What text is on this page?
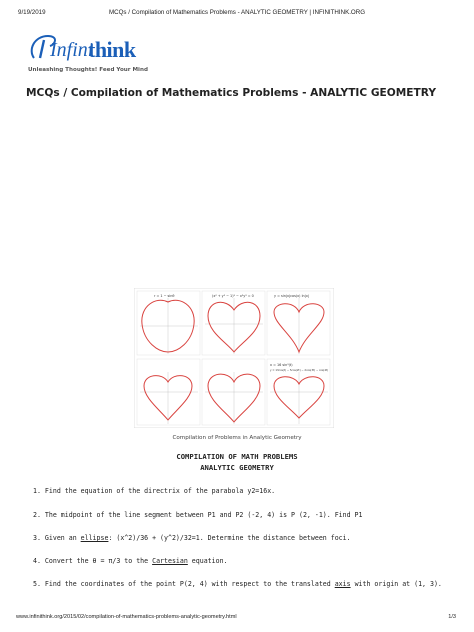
9/19/2019	MCQs / Compilation of Mathematics Problems - ANALYTIC GEOMETRY | INFINITHINK.ORG
Infini
think
Unleashing Thoughts! Feed Your Mind
MCQs / Compilation of Mathematics Problems - ANALYTIC GEOMETRY
r = 1 − sinθ	(x² + y² − 1)³ − x²y³ = 0	y = sin|x|cos(x) ln|x|
x = 16 sin³(t)
y = 13cos(t) − 5cos(2t) − 2cos(3t) − cos(4t)
Compilation of Problems in Analytic Geometry
COMPILATION OF MATH PROBLEMS
ANALYTIC GEOMETRY
1. Find the equation of the directrix of the parabola y2=16x.
2. The midpoint of the line segment between P1 and P2 (-2, 4) is P (2, -1). Find P1
3. Given an ellipse: (x^2)/36 + (y^2)/32=1. Determine the distance between foci.
4. Convert the θ = π/3 to the Cartesian equation.
5. Find the coordinates of the point P(2, 4) with respect to the translated axis with origin at (1, 3).
www.infinithink.org/2015/02/compilation-of-mathematics-problems-analytic-geometry.html	1/3
